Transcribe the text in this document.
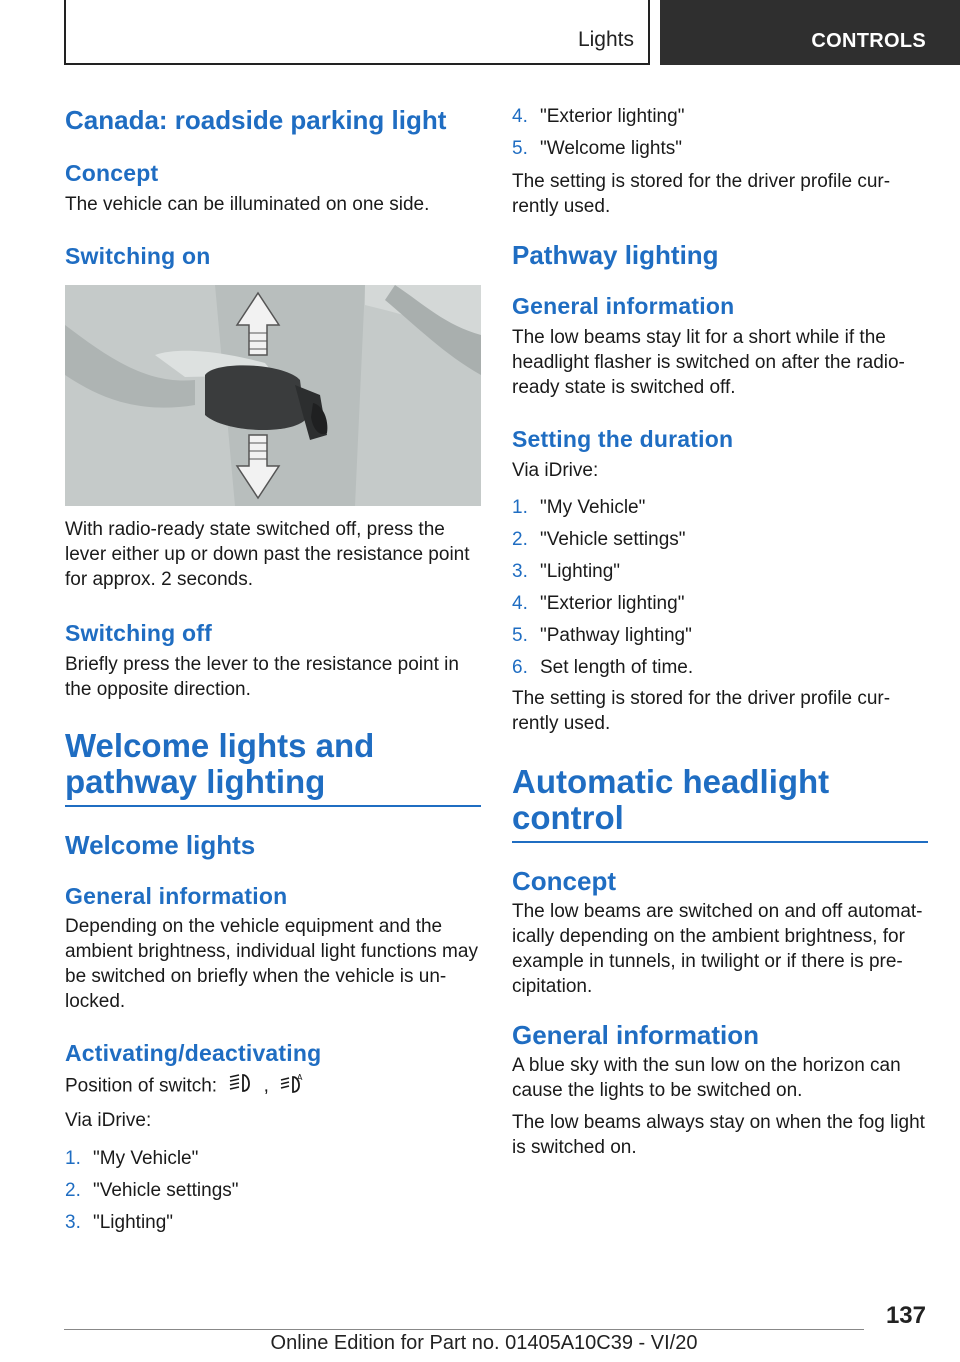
Lights	CONTROLS
Canada: roadside parking light
Concept

The vehicle can be illuminated on one side.

Switching on

With radio-ready state switched off, press the lever either up or down past the resistance point for approx. 2 seconds.

Switching off

Briefly press the lever to the resistance point in the opposite direction.

Welcome lights and
pathway lighting
Welcome lights
General information

Depending on the vehicle equipment and the ambient brightness, individual light functions may be switched on briefly when the vehicle is un-locked.

Activating/deactivating

Position of switch: ,	A

Via iDrive:

1. "My Vehicle"
2. "Vehicle settings"
3. "Lighting"
4. "Exterior lighting"
5. "Welcome lights"

The setting is stored for the driver profile cur-rently used.

Pathway lighting
General information

The low beams stay lit for a short while if the headlight flasher is switched on after the radio-ready state is switched off.

Setting the duration

Via iDrive:

1. "My Vehicle"
2. "Vehicle settings"
3. "Lighting"
4. "Exterior lighting"
5. "Pathway lighting"
6. Set length of time.

The setting is stored for the driver profile cur-rently used.

Automatic headlight
control
Concept

The low beams are switched on and off automat-ically depending on the ambient brightness, for example in tunnels, in twilight or if there is pre-cipitation.

General information

A blue sky with the sun low on the horizon can cause the lights to be switched on.

The low beams always stay on when the fog light is switched on.

137
Online Edition for Part no. 01405A10C39 - VI/20
